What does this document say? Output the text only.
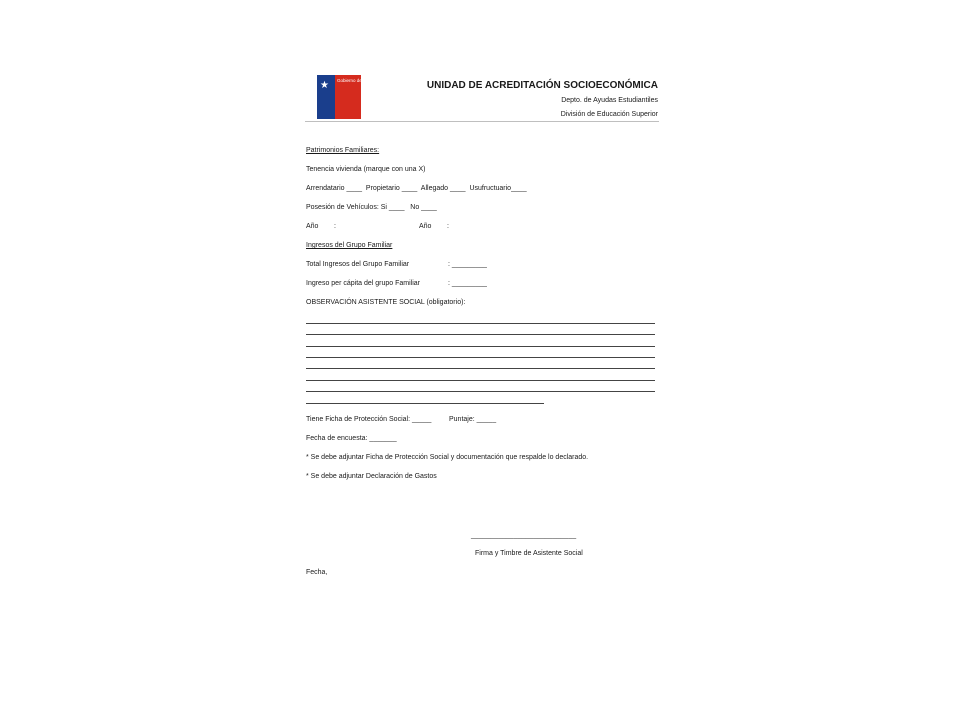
★ Gobierno de Chile	UNIDAD DE ACREDITACIÓN SOCIOECONÓMICA
Depto. de Ayudas Estudiantiles
División de Educación Superior
Patrimonios Familiares:
Tenencia vivienda (marque con una X)
Arrendatario ____  Propietario ____  Allegado ____  Usufructuario____
Posesión de Vehículos: Si ____   No ____
Año        :	Año        :
Ingresos del Grupo Familiar
Total Ingresos del Grupo Familiar	: _________
Ingreso per cápita del grupo Familiar	: _________
OBSERVACIÓN ASISTENTE SOCIAL (obligatorio):
Tiene Ficha de Protección Social: _____	Puntaje: _____
Fecha de encuesta: _______
* Se debe adjuntar Ficha de Protección Social y documentación que respalde lo declarado.
* Se debe adjuntar Declaración de Gastos
___________________________
Firma y Timbre de Asistente Social
Fecha,
